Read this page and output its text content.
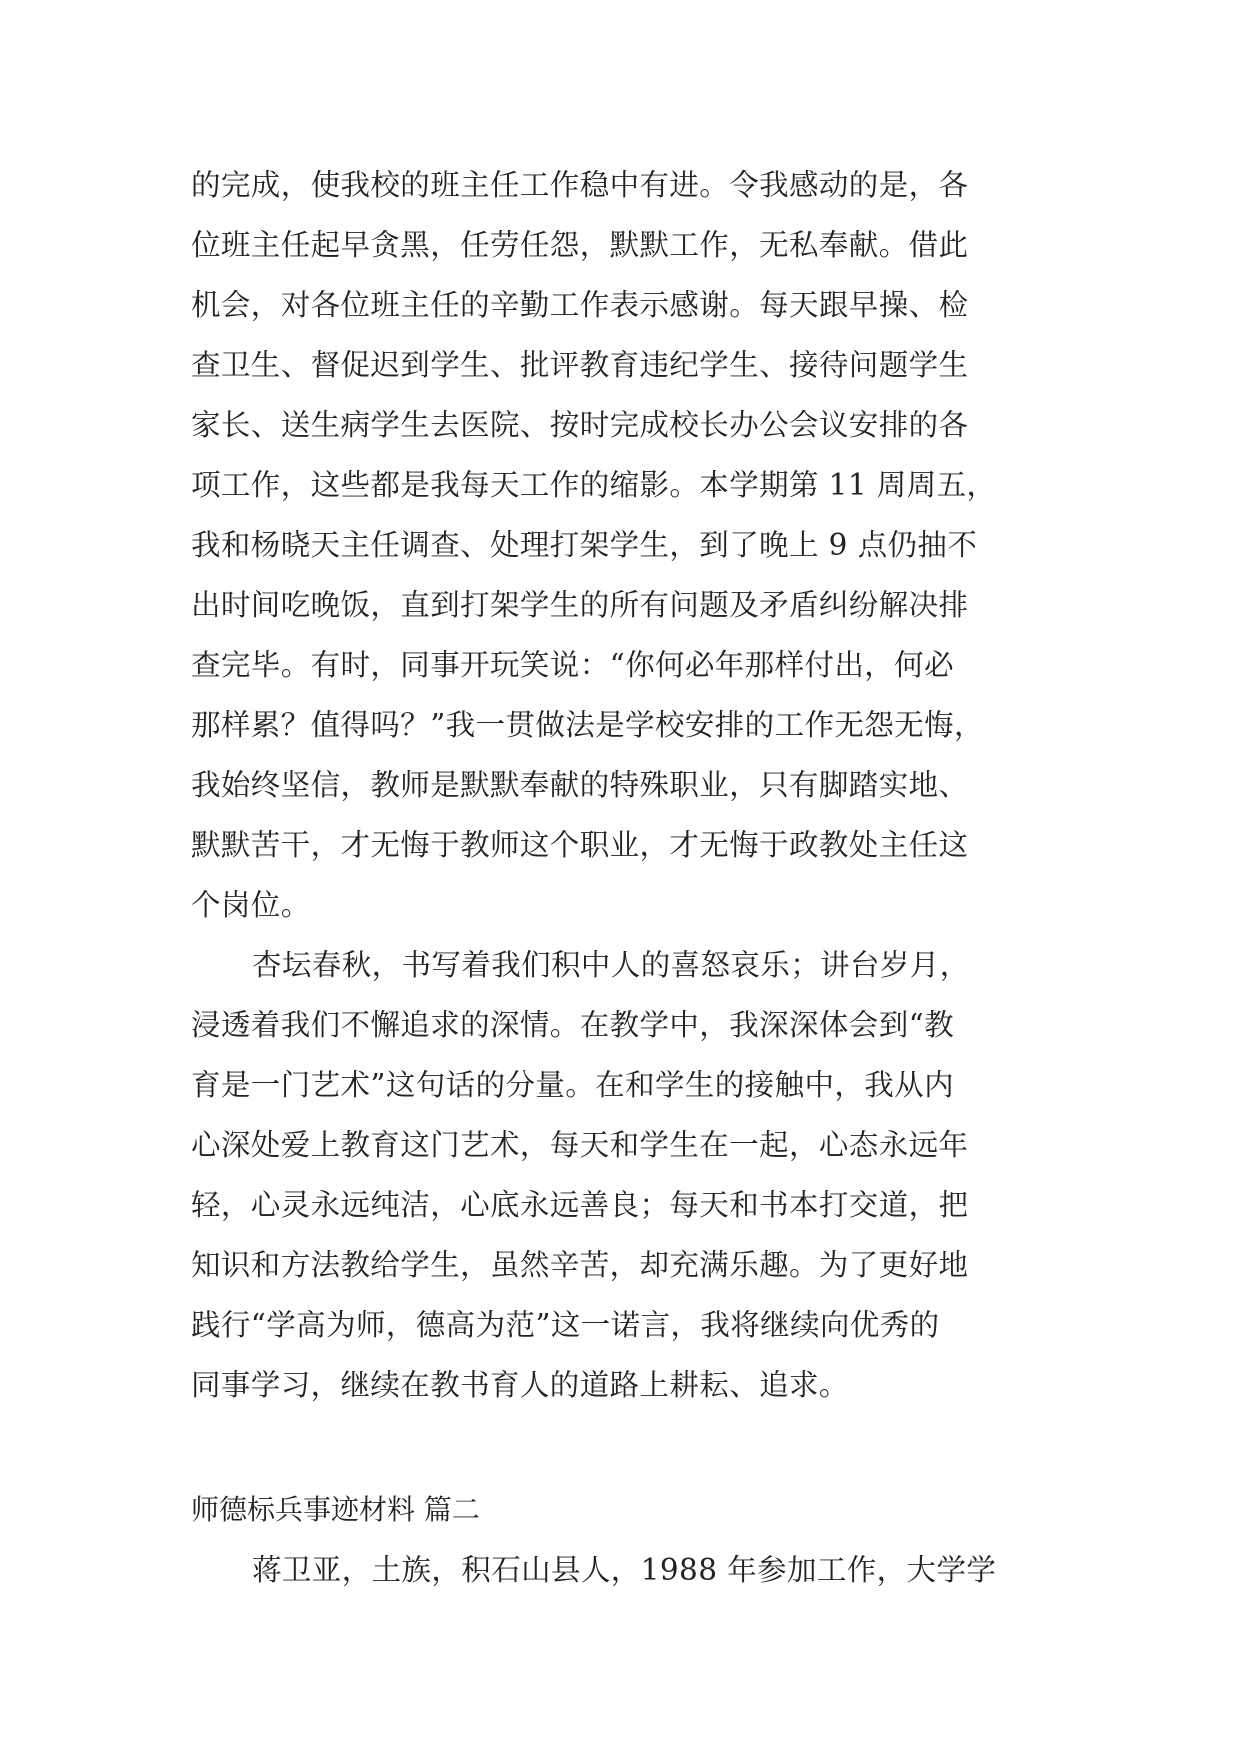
的完成，使我校的班主任工作稳中有进。令我感动的是，各
位班主任起早贪黑，任劳任怨，默默工作，无私奉献。借此
机会，对各位班主任的辛勤工作表示感谢。每天跟早操、检
查卫生、督促迟到学生、批评教育违纪学生、接待问题学生
家长、送生病学生去医院、按时完成校长办公会议安排的各
项工作，这些都是我每天工作的缩影。本学期第 11 周周五，
我和杨晓天主任调查、处理打架学生，到了晚上 9 点仍抽不
出时间吃晚饭，直到打架学生的所有问题及矛盾纠纷解决排
查完毕。有时，同事开玩笑说：“你何必年那样付出，何必
那样累？值得吗？”我一贯做法是学校安排的工作无怨无悔，
我始终坚信，教师是默默奉献的特殊职业，只有脚踏实地、
默默苦干，才无悔于教师这个职业，才无悔于政教处主任这
个岗位。
杏坛春秋，书写着我们积中人的喜怒哀乐；讲台岁月，
浸透着我们不懈追求的深情。在教学中，我深深体会到“教
育是一门艺术”这句话的分量。在和学生的接触中，我从内
心深处爱上教育这门艺术，每天和学生在一起，心态永远年
轻，心灵永远纯洁，心底永远善良；每天和书本打交道，把
知识和方法教给学生，虽然辛苦，却充满乐趣。为了更好地
践行“学高为师，德高为范”这一诺言，我将继续向优秀的
同事学习，继续在教书育人的道路上耕耘、追求。
师德标兵事迹材料 篇二
蒋卫亚，土族，积石山县人，1988 年参加工作，大学学
